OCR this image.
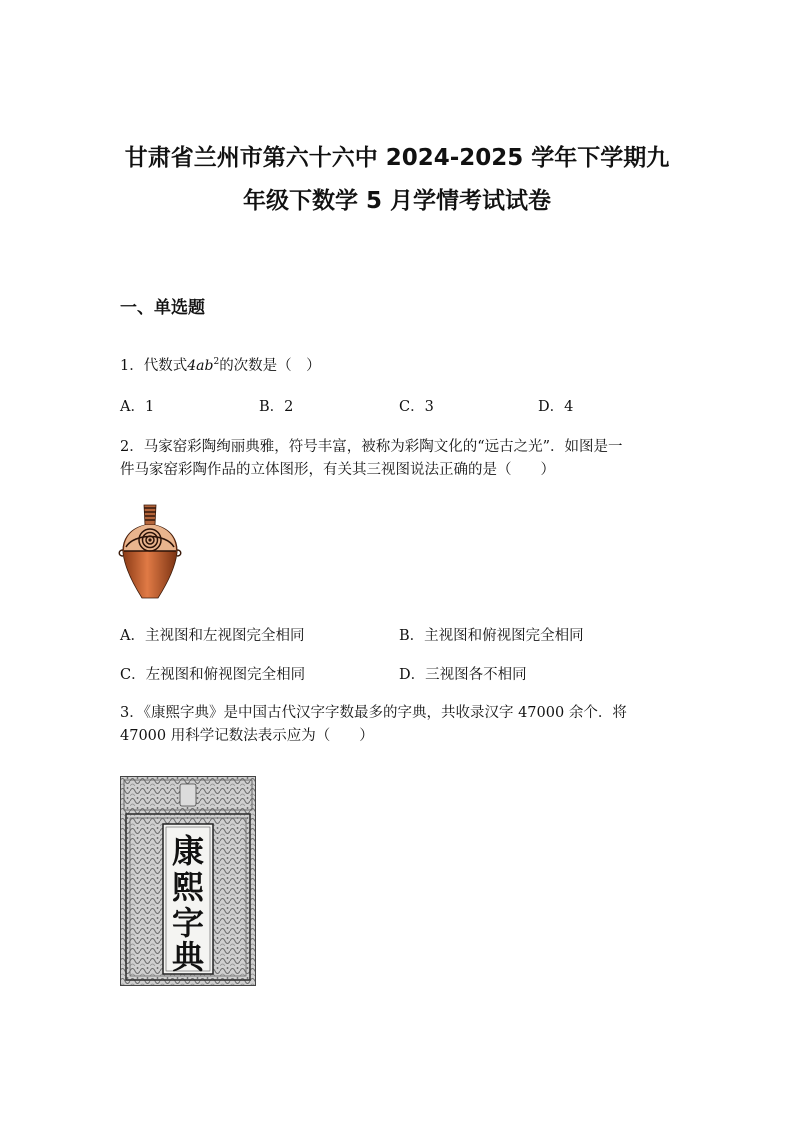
甘肃省兰州市第六十六中 2024-2025 学年下学期九
年级下数学 5 月学情考试试卷
一、单选题
1．代数式$4ab^2$的次数是（　）
A．1	B．2	C．3	D．4
2．马家窑彩陶绚丽典雅，符号丰富，被称为彩陶文化的“远古之光”．如图是一
件马家窑彩陶作品的立体图形，有关其三视图说法正确的是（　　）
A．主视图和左视图完全相同	B．主视图和俯视图完全相同
C．左视图和俯视图完全相同	D．三视图各不相同
3．《康熙字典》是中国古代汉字字数最多的字典，共收录汉字 47000 余个．将
47000 用科学记数法表示应为（　　）
康
熙
字
典
